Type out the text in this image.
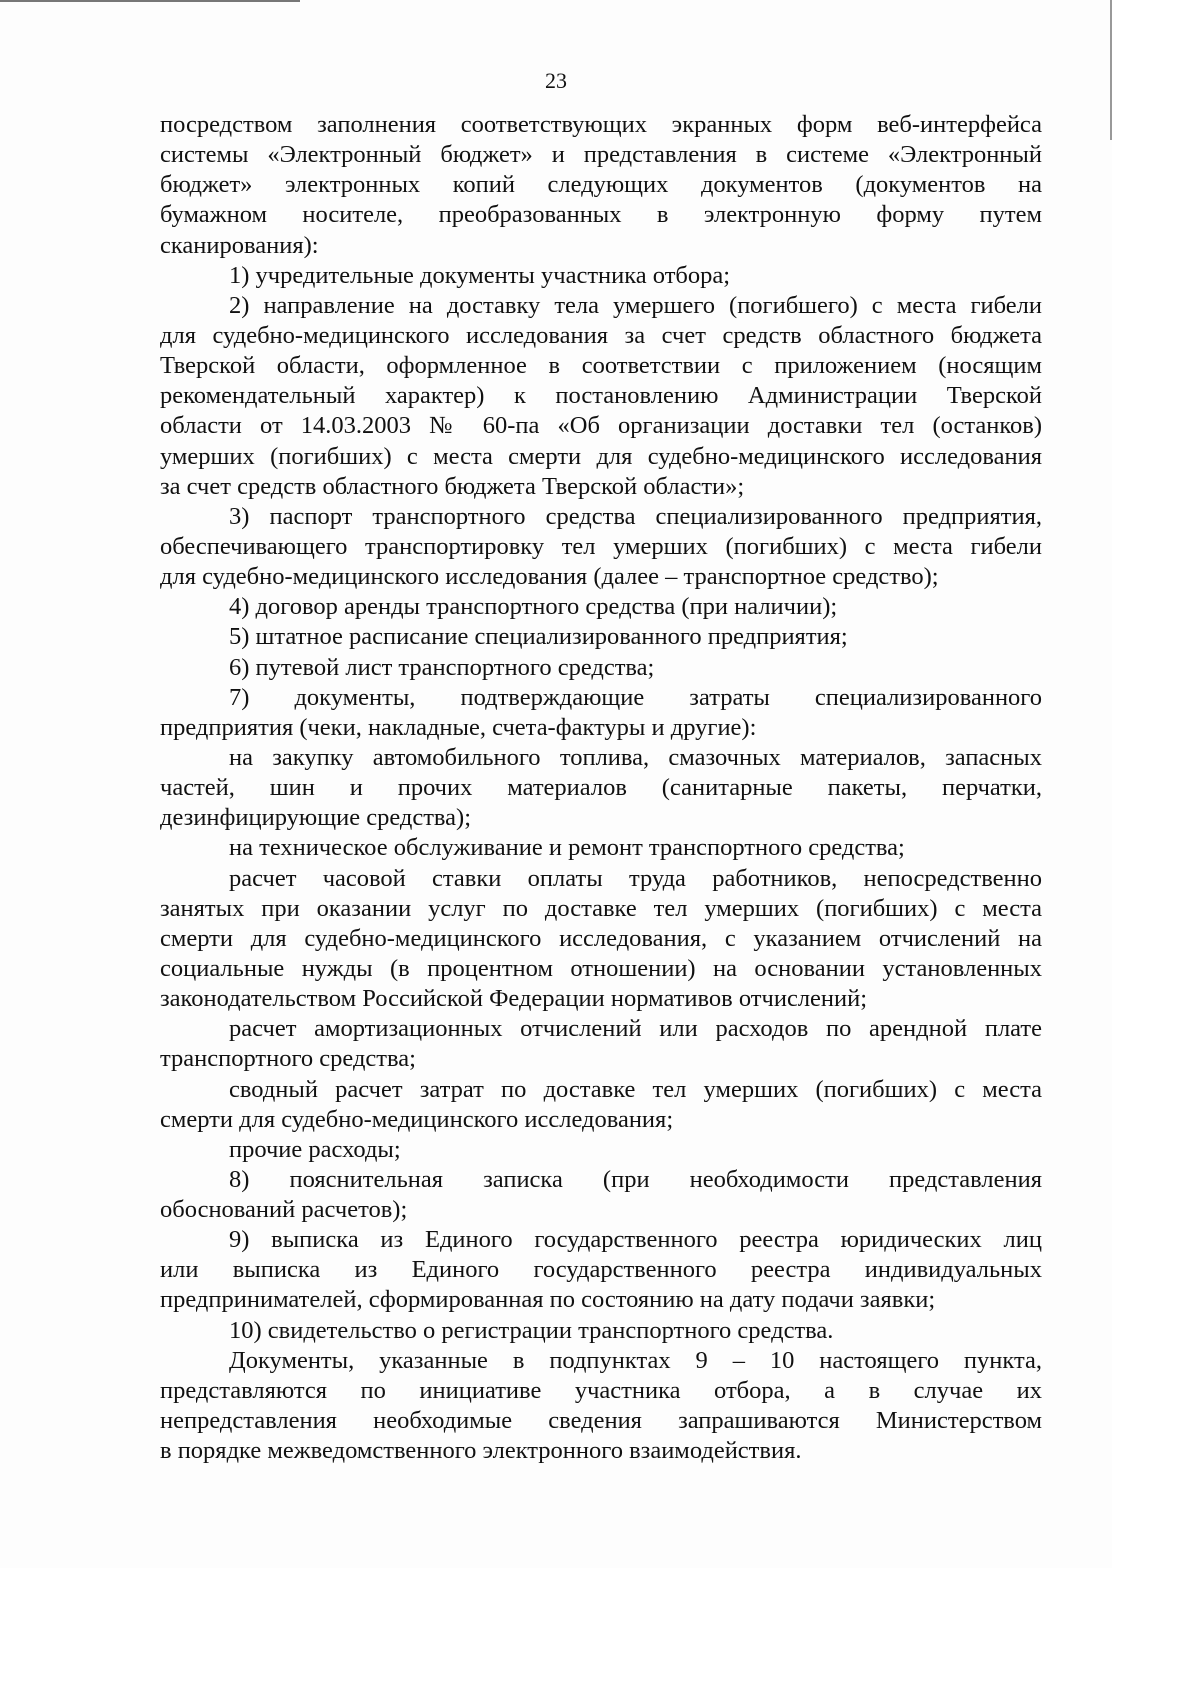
23
посредством заполнения соответствующих экранных форм веб-интерфейса
системы «Электронный бюджет» и представления в системе «Электронный
бюджет» электронных копий следующих документов (документов на
бумажном носителе, преобразованных в электронную форму путем
сканирования):
1) учредительные документы участника отбора;
2) направление на доставку тела умершего (погибшего) с места гибели
для судебно-медицинского исследования за счет средств областного бюджета
Тверской области, оформленное в соответствии с приложением (носящим
рекомендательный характер) к постановлению Администрации Тверской
области от 14.03.2003 № 60-па «Об организации доставки тел (останков)
умерших (погибших) с места смерти для судебно-медицинского исследования
за счет средств областного бюджета Тверской области»;
3) паспорт транспортного средства специализированного предприятия,
обеспечивающего транспортировку тел умерших (погибших) с места гибели
для судебно-медицинского исследования (далее – транспортное средство);
4) договор аренды транспортного средства (при наличии);
5) штатное расписание специализированного предприятия;
6) путевой лист транспортного средства;
7) документы, подтверждающие затраты специализированного
предприятия (чеки, накладные, счета-фактуры и другие):
на закупку автомобильного топлива, смазочных материалов, запасных
частей, шин и прочих материалов (санитарные пакеты, перчатки,
дезинфицирующие средства);
на техническое обслуживание и ремонт транспортного средства;
расчет часовой ставки оплаты труда работников, непосредственно
занятых при оказании услуг по доставке тел умерших (погибших) с места
смерти для судебно-медицинского исследования, с указанием отчислений на
социальные нужды (в процентном отношении) на основании установленных
законодательством Российской Федерации нормативов отчислений;
расчет амортизационных отчислений или расходов по арендной плате
транспортного средства;
сводный расчет затрат по доставке тел умерших (погибших) с места
смерти для судебно-медицинского исследования;
прочие расходы;
8) пояснительная записка (при необходимости представления
обоснований расчетов);
9) выписка из Единого государственного реестра юридических лиц
или выписка из Единого государственного реестра индивидуальных
предпринимателей, сформированная по состоянию на дату подачи заявки;
10) свидетельство о регистрации транспортного средства.
Документы, указанные в подпунктах 9 – 10 настоящего пункта,
представляются по инициативе участника отбора, а в случае их
непредставления необходимые сведения запрашиваются Министерством
в порядке межведомственного электронного взаимодействия.
